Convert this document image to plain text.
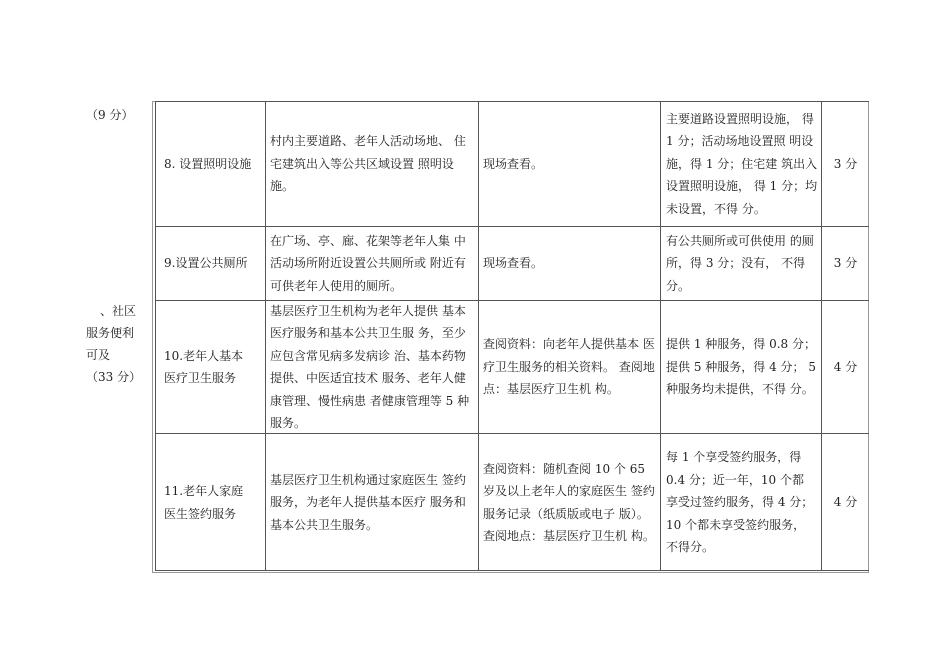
（9 分）
、社区
服务便利
可及
（33 分）
8. 设置照明设施
村内主要道路、老年人活动场地、 住宅建筑出入等公共区域设置 照明设施。
现场查看。
主要道路设置照明设施， 得1 分；活动场地设置照 明设施，得 1 分；住宅建 筑出入设置照明设施， 得 1 分；均未设置，不得 分。
3 分
9.设置公共厕所
在广场、亭、廊、花架等老年人集 中活动场所附近设置公共厕所或 附近有可供老年人使用的厕所。
现场查看。
有公共厕所或可供使用 的厕所，得 3 分；没有， 不得分。
3 分
10.老年人基本 医疗卫生服务
基层医疗卫生机构为老年人提供 基本医疗服务和基本公共卫生服 务，至少应包含常见病多发病诊 治、基本药物提供、中医适宜技术 服务、老年人健康管理、慢性病患 者健康管理等 5 种服务。
查阅资料：向老年人提供基本 医疗卫生服务的相关资料。 查阅地点：基层医疗卫生机 构。
提供 1 种服务，得 0.8 分；提供 5 种服务，得 4 分； 5 种服务均未提供，不得 分。
4 分
11.老年人家庭 医生签约服务
基层医疗卫生机构通过家庭医生 签约服务，为老年人提供基本医疗 服务和基本公共卫生服务。
查阅资料：随机查阅 10 个 65 岁及以上老年人的家庭医生 签约服务记录（纸质版或电子 版）。 查阅地点：基层医疗卫生机 构。
每 1 个享受签约服务，得 0.4 分；近一年，10 个都 享受过签约服务，得 4 分； 10 个都未享受签约服务， 不得分。
4 分
